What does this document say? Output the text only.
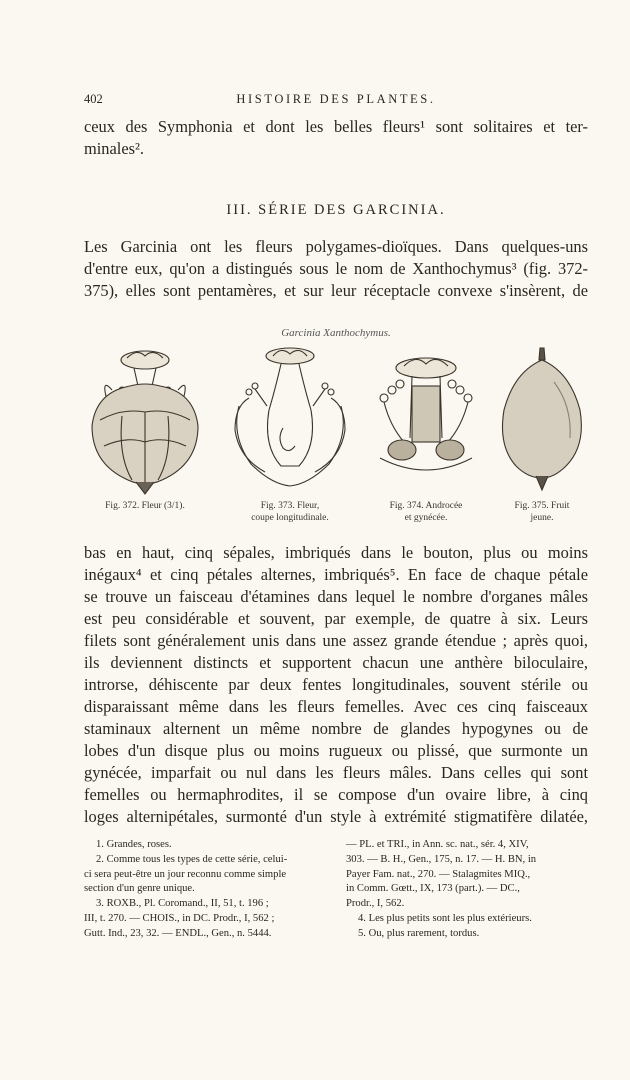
402	HISTOIRE DES PLANTES.

ceux des Symphonia et dont les belles fleurs¹ sont solitaires et ter-

minales².

III. SÉRIE DES GARCINIA.

Les Garcinia ont les fleurs polygames-dioïques. Dans quelques-uns

d'entre eux, qu'on a distingués sous le nom de Xanthochymus³ (fig. 372-

375), elles sont pentamères, et sur leur réceptacle convexe s'insèrent, de

Garcinia Xanthochymus.
Fig. 372. Fleur (3/1).	Fig. 373. Fleur,
coupe longitudinale.
Fig. 374. Androcée
et gynécée.
Fig. 375. Fruit
jeune.

bas en haut, cinq sépales, imbriqués dans le bouton, plus ou moins

inégaux⁴ et cinq pétales alternes, imbriqués⁵. En face de chaque pétale

se trouve un faisceau d'étamines dans lequel le nombre d'organes mâles

est peu considérable et souvent, par exemple, de quatre à six. Leurs

filets sont généralement unis dans une assez grande étendue ; après quoi,

ils deviennent distincts et supportent chacun une anthère biloculaire,

introrse, déhiscente par deux fentes longitudinales, souvent stérile ou

disparaissant même dans les fleurs femelles. Avec ces cinq faisceaux

staminaux alternent un même nombre de glandes hypogynes ou de

lobes d'un disque plus ou moins rugueux ou plissé, que surmonte un

gynécée, imparfait ou nul dans les fleurs mâles. Dans celles qui sont

femelles ou hermaphrodites, il se compose d'un ovaire libre, à cinq

loges alternipétales, surmonté d'un style à extrémité stigmatifère dilatée,

1. Grandes, roses.

2. Comme tous les types de cette série, celui-

ci sera peut-être un jour reconnu comme simple

section d'un genre unique.

3. ROXB., Pl. Coromand., II, 51, t. 196 ;

III, t. 270. — CHOIS., in DC. Prodr., I, 562 ;

Gutt. Ind., 23, 32. — ENDL., Gen., n. 5444.

— PL. et TRI., in Ann. sc. nat., sér. 4, XIV,

303. — B. H., Gen., 175, n. 17. — H. BN, in

Payer Fam. nat., 270. — Stalagmites MIQ.,

in Comm. Gœtt., IX, 173 (part.). — DC.,

Prodr., I, 562.

4. Les plus petits sont les plus extérieurs.

5. Ou, plus rarement, tordus.
